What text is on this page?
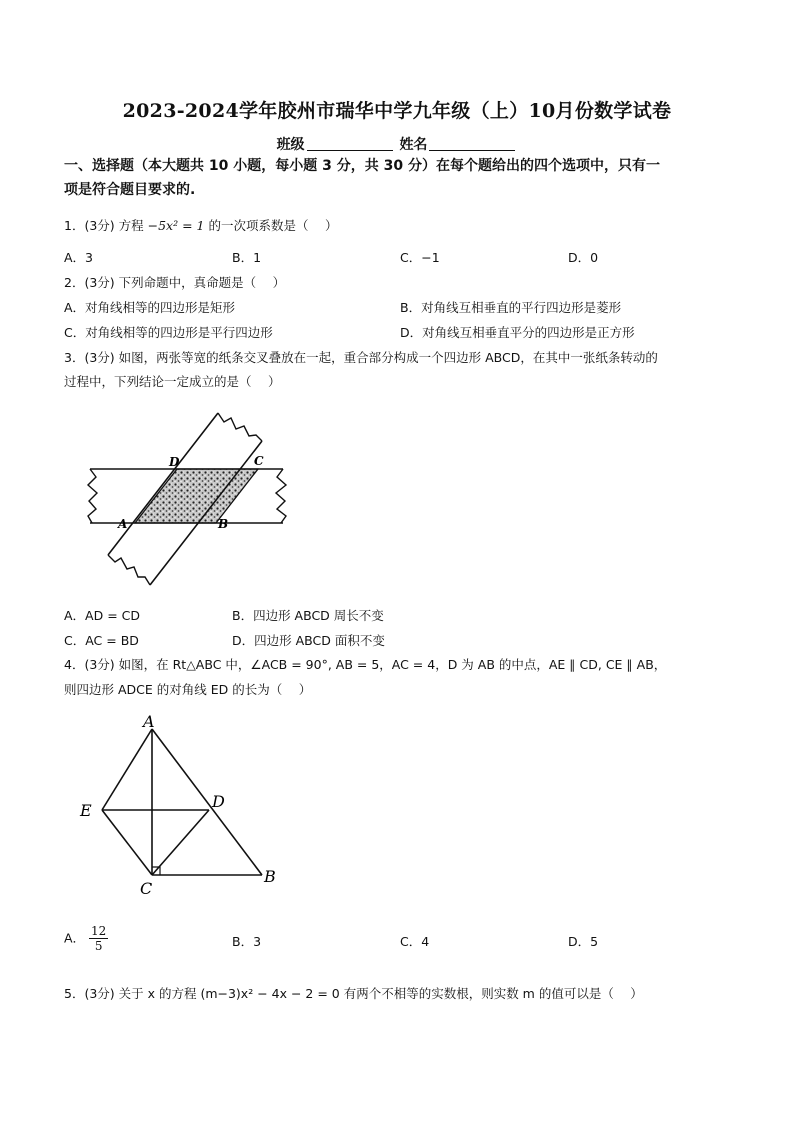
2023-2024学年胶州市瑞华中学九年级（上）10月份数学试卷
班级	姓名
一、选择题（本大题共 10 小题，每小题 3 分，共 30 分）在每个题给出的四个选项中，只有一
项是符合题目要求的.
1．(3分) 方程 −5x² = 1 的一次项系数是（　 ）
A．3	B．1	C．−1	D．0
2．(3分) 下列命题中，真命题是（　 ）
A．对角线相等的四边形是矩形	B．对角线互相垂直的平行四边形是菱形
C．对角线相等的四边形是平行四边形	D．对角线互相垂直平分的四边形是正方形
3．(3分) 如图，两张等宽的纸条交叉叠放在一起，重合部分构成一个四边形 ABCD，在其中一张纸条转动的
过程中，下列结论一定成立的是（　 ）
A	B
C
D
A．AD = CD	B．四边形 ABCD 周长不变
C．AC = BD	D．四边形 ABCD 面积不变
4．(3分) 如图，在 Rt△ABC 中，∠ACB = 90°, AB = 5，AC = 4，D 为 AB 的中点，AE ∥ CD, CE ∥ AB，
则四边形 ADCE 的对角线 ED 的长为（　 ）
A
E	D
C
B
A． $\frac{12}{5}$	B．3	C．4	D．5
5．(3分) 关于 x 的方程 (m−3)x² − 4x − 2 = 0 有两个不相等的实数根，则实数 m 的值可以是（　 ）
